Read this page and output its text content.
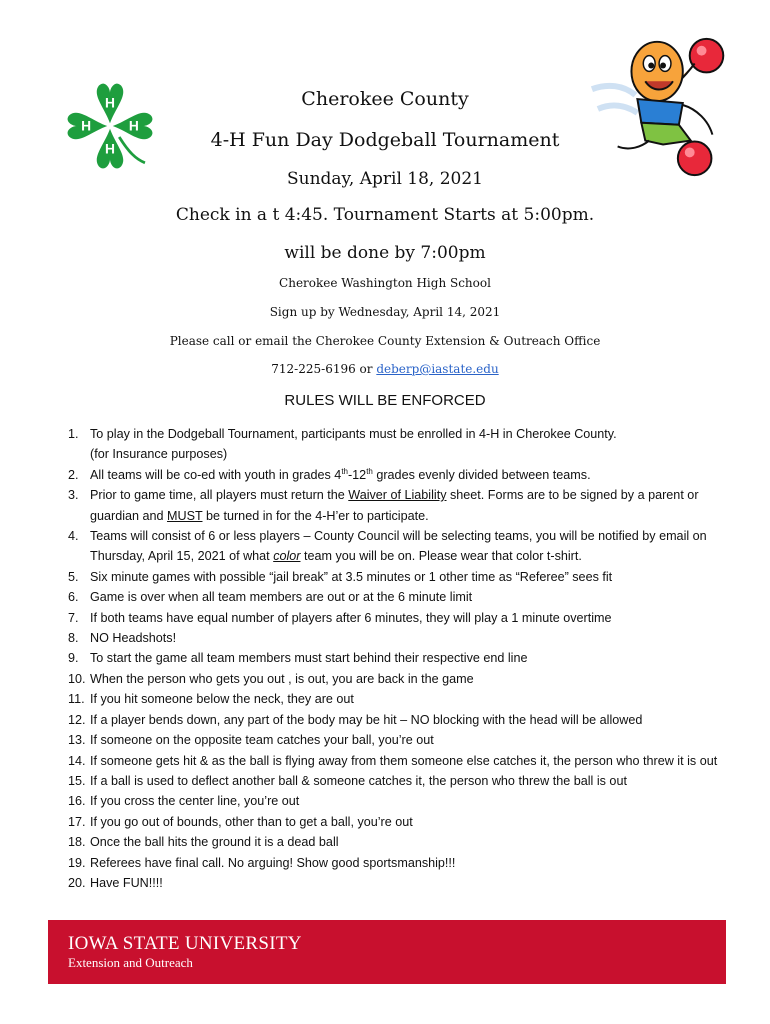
H
H
H	H
Cherokee County
4-H Fun Day Dodgeball Tournament
Sunday, April 18, 2021
Check in a t 4:45. Tournament Starts at 5:00pm.
will be done by 7:00pm
Cherokee Washington High School
Sign up by Wednesday, April 14, 2021
Please call or email the Cherokee County Extension & Outreach Office
712-225-6196 or deberp@iastate.edu
RULES WILL BE ENFORCED
1. To play in the Dodgeball Tournament, participants must be enrolled in 4-H in Cherokee County.
(for Insurance purposes)
2. All teams will be co-ed with youth in grades 4th-12th grades evenly divided between teams.
3. Prior to game time, all players must return the Waiver of Liability sheet. Forms are to be signed by a parent or guardian and MUST be turned in for the 4-H’er to participate.
4. Teams will consist of 6 or less players – County Council will be selecting teams, you will be notified by email on Thursday, April 15, 2021 of what color team you will be on. Please wear that color t-shirt.
5. Six minute games with possible “jail break” at 3.5 minutes or 1 other time as “Referee” sees fit
6. Game is over when all team members are out or at the 6 minute limit
7. If both teams have equal number of players after 6 minutes, they will play a 1 minute overtime
8. NO Headshots!
9. To start the game all team members must start behind their respective end line
10. When the person who gets you out , is out, you are back in the game
11. If you hit someone below the neck, they are out
12. If a player bends down, any part of the body may be hit – NO blocking with the head will be allowed
13. If someone on the opposite team catches your ball, you’re out
14. If someone gets hit & as the ball is flying away from them someone else catches it, the person who threw it is out
15. If a ball is used to deflect another ball & someone catches it, the person who threw the ball is out
16. If you cross the center line, you’re out
17. If you go out of bounds, other than to get a ball, you’re out
18. Once the ball hits the ground it is a dead ball
19. Referees have final call. No arguing! Show good sportsmanship!!!
20. Have FUN!!!!
IOWA STATE UNIVERSITY
Extension and Outreach
